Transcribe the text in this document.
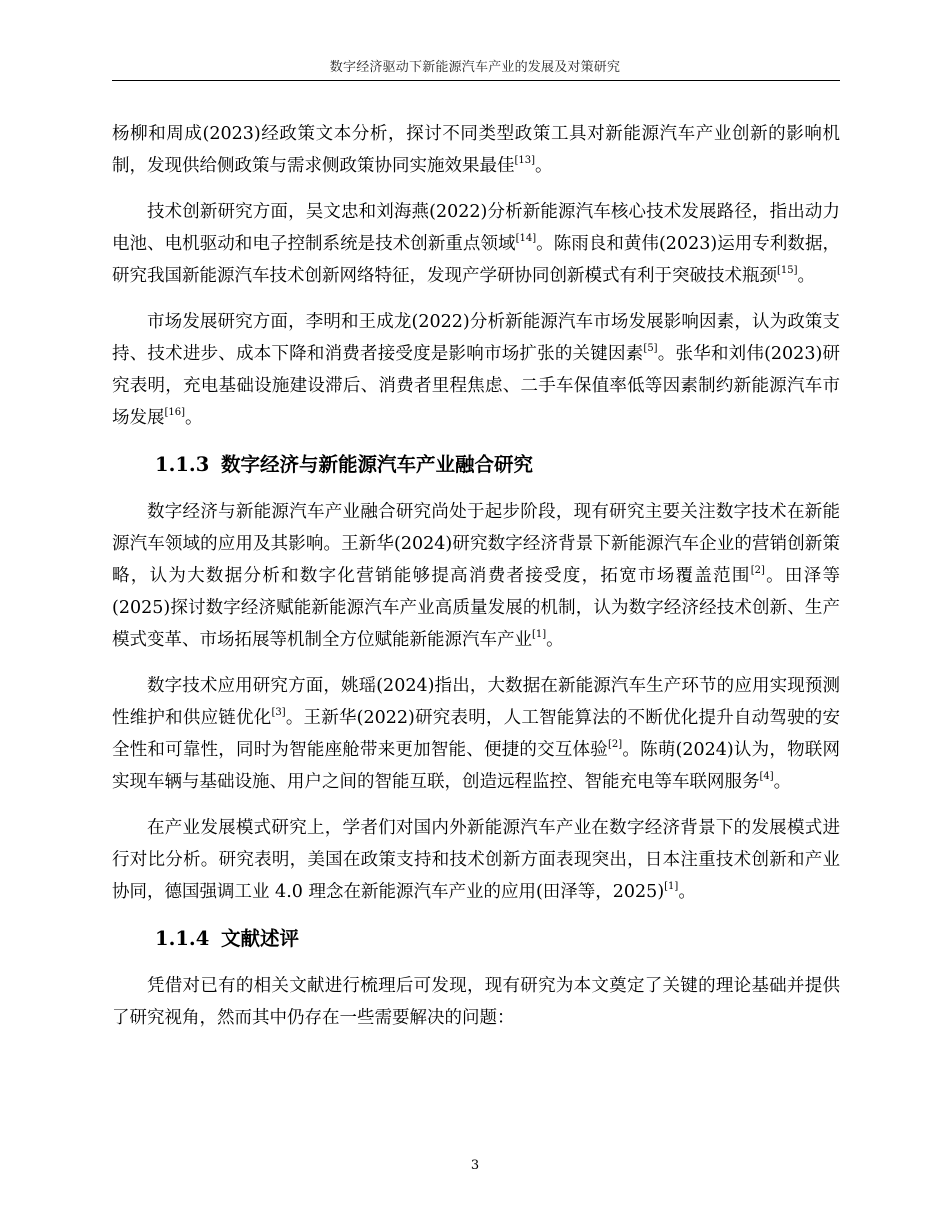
数字经济驱动下新能源汽车产业的发展及对策研究

杨柳和周成(2023)经政策文本分析，探讨不同类型政策工具对新能源汽车产业创新的影响机制，发现供给侧政策与需求侧政策协同实施效果最佳[13]。

技术创新研究方面，吴文忠和刘海燕(2022)分析新能源汽车核心技术发展路径，指出动力电池、电机驱动和电子控制系统是技术创新重点领域[14]。陈雨良和黄伟(2023)运用专利数据，研究我国新能源汽车技术创新网络特征，发现产学研协同创新模式有利于突破技术瓶颈[15]。

市场发展研究方面，李明和王成龙(2022)分析新能源汽车市场发展影响因素，认为政策支持、技术进步、成本下降和消费者接受度是影响市场扩张的关键因素[5]。张华和刘伟(2023)研究表明，充电基础设施建设滞后、消费者里程焦虑、二手车保值率低等因素制约新能源汽车市场发展[16]。

1.1.3 数字经济与新能源汽车产业融合研究

数字经济与新能源汽车产业融合研究尚处于起步阶段，现有研究主要关注数字技术在新能源汽车领域的应用及其影响。王新华(2024)研究数字经济背景下新能源汽车企业的营销创新策略，认为大数据分析和数字化营销能够提高消费者接受度，拓宽市场覆盖范围[2]。田泽等(2025)探讨数字经济赋能新能源汽车产业高质量发展的机制，认为数字经济经技术创新、生产模式变革、市场拓展等机制全方位赋能新能源汽车产业[1]。

数字技术应用研究方面，姚瑶(2024)指出，大数据在新能源汽车生产环节的应用实现预测性维护和供应链优化[3]。王新华(2022)研究表明，人工智能算法的不断优化提升自动驾驶的安全性和可靠性，同时为智能座舱带来更加智能、便捷的交互体验[2]。陈萌(2024)认为，物联网实现车辆与基础设施、用户之间的智能互联，创造远程监控、智能充电等车联网服务[4]。

在产业发展模式研究上，学者们对国内外新能源汽车产业在数字经济背景下的发展模式进行对比分析。研究表明，美国在政策支持和技术创新方面表现突出，日本注重技术创新和产业协同，德国强调工业 4.0 理念在新能源汽车产业的应用(田泽等，2025)[1]。

1.1.4 文献述评

凭借对已有的相关文献进行梳理后可发现，现有研究为本文奠定了关键的理论基础并提供了研究视角，然而其中仍存在一些需要解决的问题：

3
